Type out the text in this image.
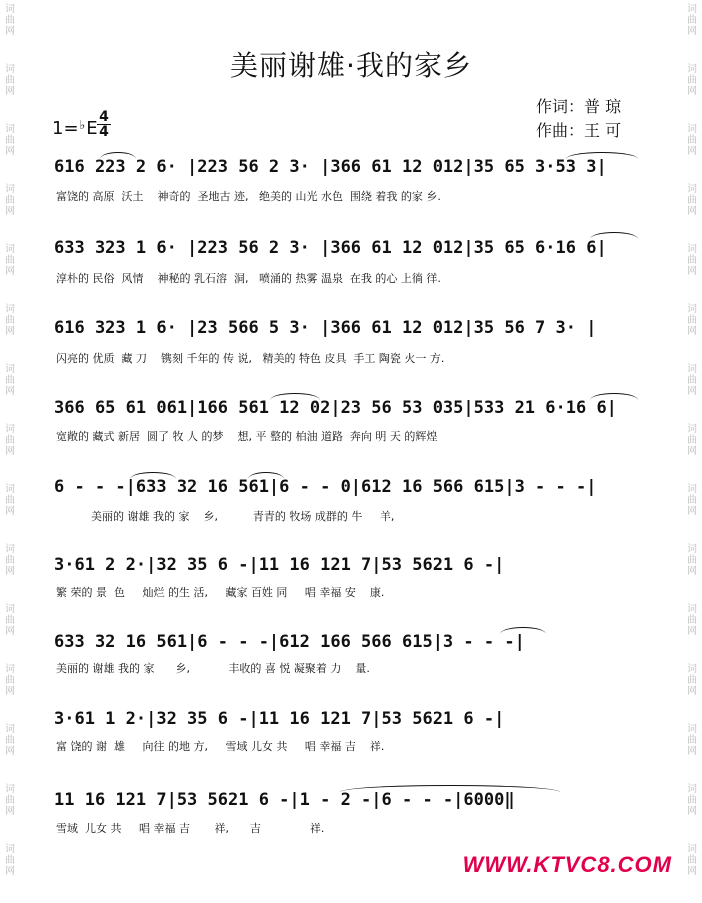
词曲网
词曲网
词曲网
词曲网
词曲网
词曲网
词曲网
词曲网
词曲网
词曲网
词曲网
词曲网
词曲网
词曲网
词曲网
词曲网
词曲网
词曲网
词曲网
词曲网
词曲网
词曲网
词曲网
词曲网
词曲网
词曲网
词曲网
词曲网
词曲网
词曲网
美丽谢雄·我的家乡
作词：普 琼
作曲：王 可
1=♭E
4
4
616 223 2 6· |223 56 2 3· |366 61 12 012|35 65 3·53 3|
富饶的 高原  沃土    神奇的  圣地古 迹,   绝美的 山光 水色  围绕 着我 的家 乡.
633 323 1 6· |223 56 2 3· |366 61 12 012|35 65 6·16 6|
淳朴的 民俗  风情    神秘的 乳石溶  洞,   喷涌的 热雾 温泉  在我 的心 上徜 徉.
616 323 1 6· |23 566 5 3· |366 61 12 012|35 56 7 3· |
闪亮的 优质  藏 刀    镌刻 千年的 传 说,   精美的 特色 皮具  手工 陶瓷 火一 方.
366 65 61 061|166 561 12 02|23 56 53 035|533 21 6·16 6|
宽敞的 藏式 新居  圆了 牧 人 的梦    想, 平 整的 柏油 道路  奔向 明 天 的辉煌
6 - - -|633 32 16 561|6 - - 0|612 16 566 615|3 - - -|
美丽的 谢雄 我的 家    乡,          青青的 牧场 成群的 牛     羊,
3·61 2 2·|32 35 6 -|11 16 121 7|53 5621 6 -|
繁 荣的 景  色     灿烂 的生 活,     藏家 百姓 同     唱 幸福 安    康.
633 32 16 561|6 - - -|612 166 566 615|3 - - -|
美丽的 谢雄 我的 家      乡,           丰收的 喜 悦 凝聚着 力    量.
3·61 1 2·|32 35 6 -|11 16 121 7|53 5621 6 -|
富 饶的 谢  雄     向往 的地 方,     雪域 儿女 共     唱 幸福 吉    祥.
11 16 121 7|53 5621 6 -|1 - 2 -|6 - - -|6000‖
雪域  儿女 共     唱 幸福 吉       祥,      吉              祥.
WWW.KTVC8.COM
